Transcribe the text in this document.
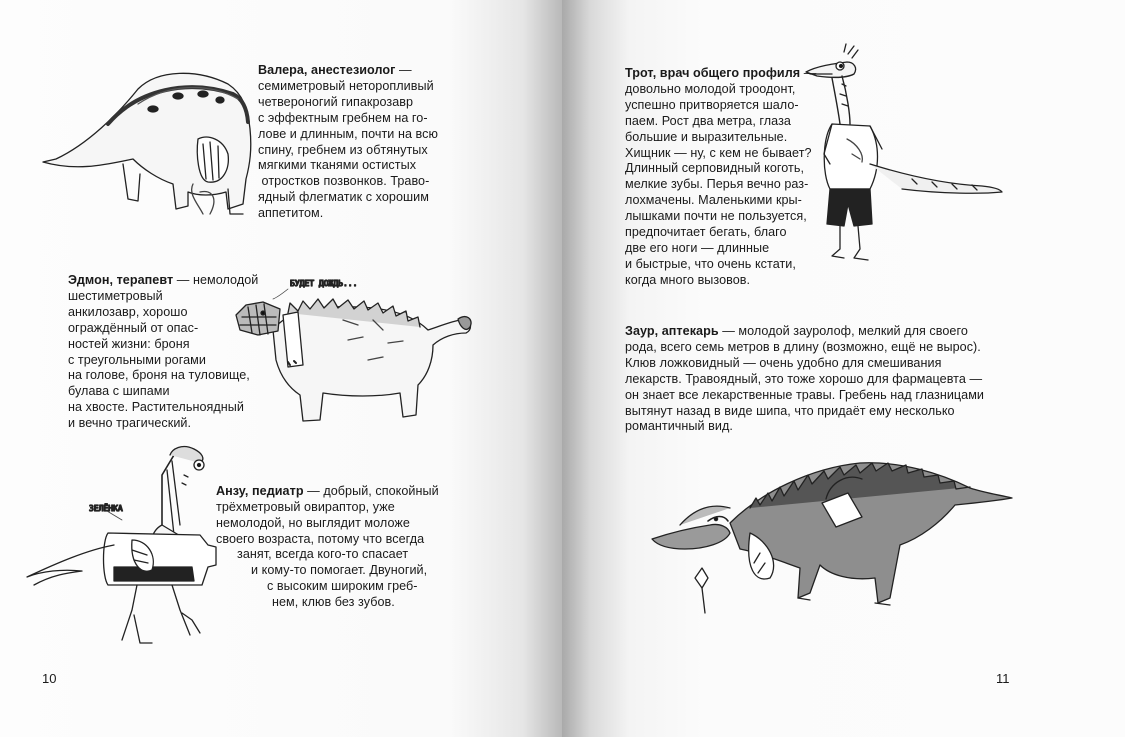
БУДЕТ ДОЖДЬ...
ЗЕЛЁНКА
Валера, анестезиолог —
семиметровый неторопливый
четвероногий гипакрозавр
с эффектным гребнем на го-
лове и длинным, почти на всю
спину, гребнем из обтянутых
мягкими тканями остистых
отростков позвонков. Траво-
ядный флегматик с хорошим
аппетитом.
Эдмон, терапевт — немолодой
шестиметровый
анкилозавр, хорошо
ограждённый от опас-
ностей жизни: броня
с треугольными рогами
на голове, броня на туловище,
булава с шипами
на хвосте. Растительноядный
и вечно трагический.
Анзу, педиатр — добрый, спокойный
трёхметровый овираптор, уже
немолодой, но выглядит моложе
своего возраста, потому что всегда
занят, всегда кого-то спасает
и кому-то помогает. Двуногий,
с высоким широким греб-
нем, клюв без зубов.
10
Трот, врач общего профиля —
довольно молодой троодонт,
успешно притворяется шало-
паем. Рост два метра, глаза
большие и выразительные.
Хищник — ну, с кем не бывает?
Длинный серповидный коготь,
мелкие зубы. Перья вечно раз-
лохмачены. Маленькими кры-
лышками почти не пользуется,
предпочитает бегать, благо
две его ноги — длинные
и быстрые, что очень кстати,
когда много вызовов.
Заур, аптекарь — молодой зауролоф, мелкий для своего
рода, всего семь метров в длину (возможно, ещё не вырос).
Клюв ложковидный — очень удобно для смешивания
лекарств. Травоядный, это тоже хорошо для фармацевта —
он знает все лекарственные травы. Гребень над глазницами
вытянут назад в виде шипа, что придаёт ему несколько
романтичный вид.
11
